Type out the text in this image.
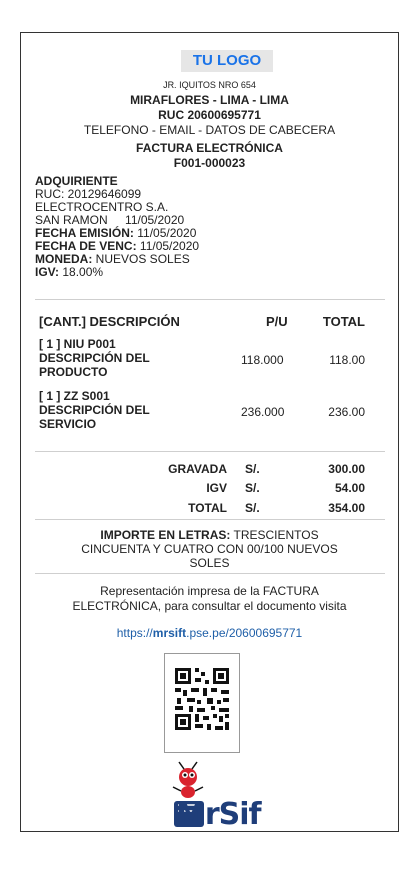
TU LOGO
JR. IQUITOS NRO 654
MIRAFLORES - LIMA - LIMA
RUC 20600695771
TELEFONO - EMAIL - DATOS DE CABECERA
FACTURA ELECTRÓNICA
F001-000023
ADQUIRIENTE
RUC: 20129646099
ELECTROCENTRO S.A.
SAN RAMON 11/05/2020
FECHA EMISIÓN: 11/05/2020
FECHA DE VENC: 11/05/2020
MONEDA: NUEVOS SOLES
IGV: 18.00%
[CANT.] DESCRIPCIÓN	P/U	TOTAL
[ 1 ] NIU P001
DESCRIPCIÓN DEL
PRODUCTO
118.000	118.00
[ 1 ] ZZ S001
DESCRIPCIÓN DEL
SERVICIO
236.000	236.00
GRAVADA S/.	300.00
IGV S/.	54.00
TOTAL S/.	354.00
IMPORTE EN LETRAS: TRESCIENTOS
CINCUENTA Y CUATRO CON 00/100 NUEVOS
SOLES
Representación impresa de la FACTURA
ELECTRÓNICA, para consultar el documento visita
https://mrsift.pse.pe/20600695771
MrSif
